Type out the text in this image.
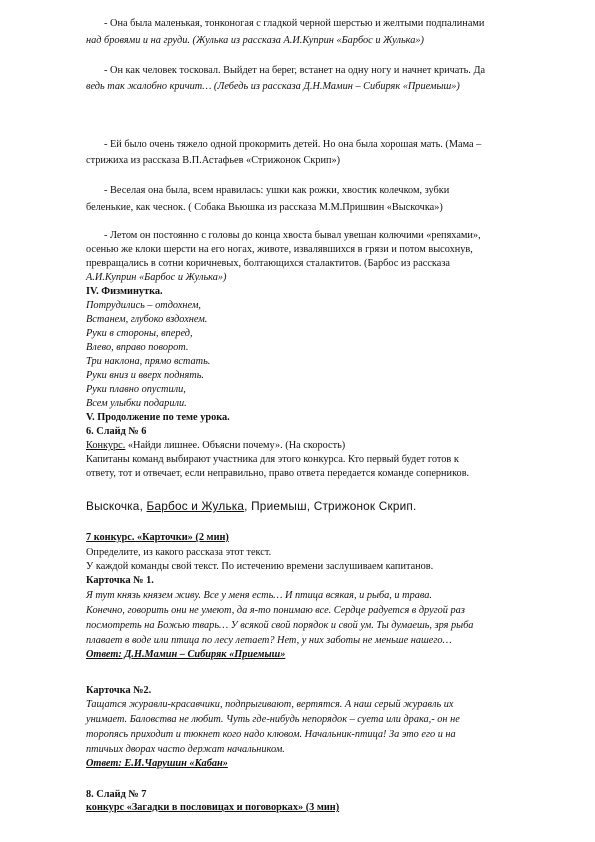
- Она была маленькая, тонконогая с гладкой черной шерстью и желтыми подпалинами
над бровями и на груди. (Жулька из рассказа А.И.Куприн «Барбос и Жулька»)
- Он как человек тосковал. Выйдет на берег, встанет на одну ногу и начнет кричать. Да
ведь так жалобно кричит… (Лебедь из рассказа Д.Н.Мамин – Сибиряк «Приемыш»)
- Ей было очень тяжело одной прокормить детей. Но она была хорошая мать. (Мама –
стрижиха из рассказа В.П.Астафьев «Стрижонок Скрип»)
- Веселая она была, всем нравилась: ушки как рожки, хвостик колечком, зубки
беленькие, как чеснок. ( Собака Вьюшка из рассказа М.М.Пришвин «Выскочка»)
- Летом он постоянно с головы до конца хвоста бывал увешан колючими «репяхами»,
осенью же клоки шерсти на его ногах, животе, извалявшихся в грязи и потом высохнув,
превращались в сотни коричневых, болтающихся сталактитов. (Барбос из рассказа
А.И.Куприн «Барбос и Жулька»)
IV. Физминутка.
Потрудились – отдохнем,
Встанем, глубоко вздохнем.
Руки в стороны, вперед,
Влево, вправо поворот.
Три наклона, прямо встать.
Руки вниз и вверх поднять.
Руки плавно опустили,
Всем улыбки подарили.
V. Продолжение по теме урока.
6. Слайд № 6
Конкурс. «Найди лишнее. Объясни почему». (На скорость)
Капитаны команд выбирают участника для этого конкурса. Кто первый будет готов к
ответу, тот и отвечает, если неправильно, право ответа передается команде соперников.
Выскочка, Барбос и Жулька, Приемыш, Стрижонок Скрип.
7 конкурс. «Карточки» (2 мин)
Определите, из какого рассказа этот текст.
У каждой команды свой текст. По истечению времени заслушиваем капитанов.
Карточка № 1.
Я тут князь князем живу. Все у меня есть… И птица всякая, и рыба, и трава.
Конечно, говорить они не умеют, да я-то понимаю все. Сердце радуется в другой раз
посмотреть на Божью тварь… У всякой свой порядок и свой ум. Ты думаешь, зря рыба
плавает в воде или птица по лесу летает? Нет, у них заботы не меньше нашего…
Ответ: Д.Н.Мамин – Сибиряк «Приемыш»
Карточка №2.
Тащатся журавли-красавчики, подпрыгивают, вертятся. А наш серый журавль их
унимает. Баловства не любит. Чуть где-нибудь непорядок – суета или драка,- он не
торопясь приходит и тюкнет кого надо клювом. Начальник-птица! За это его и на
птичьих дворах часто держат начальником.
Ответ: Е.И.Чарушин «Кабан»
8. Слайд № 7
конкурс «Загадки в пословицах и поговорках» (3 мин)
